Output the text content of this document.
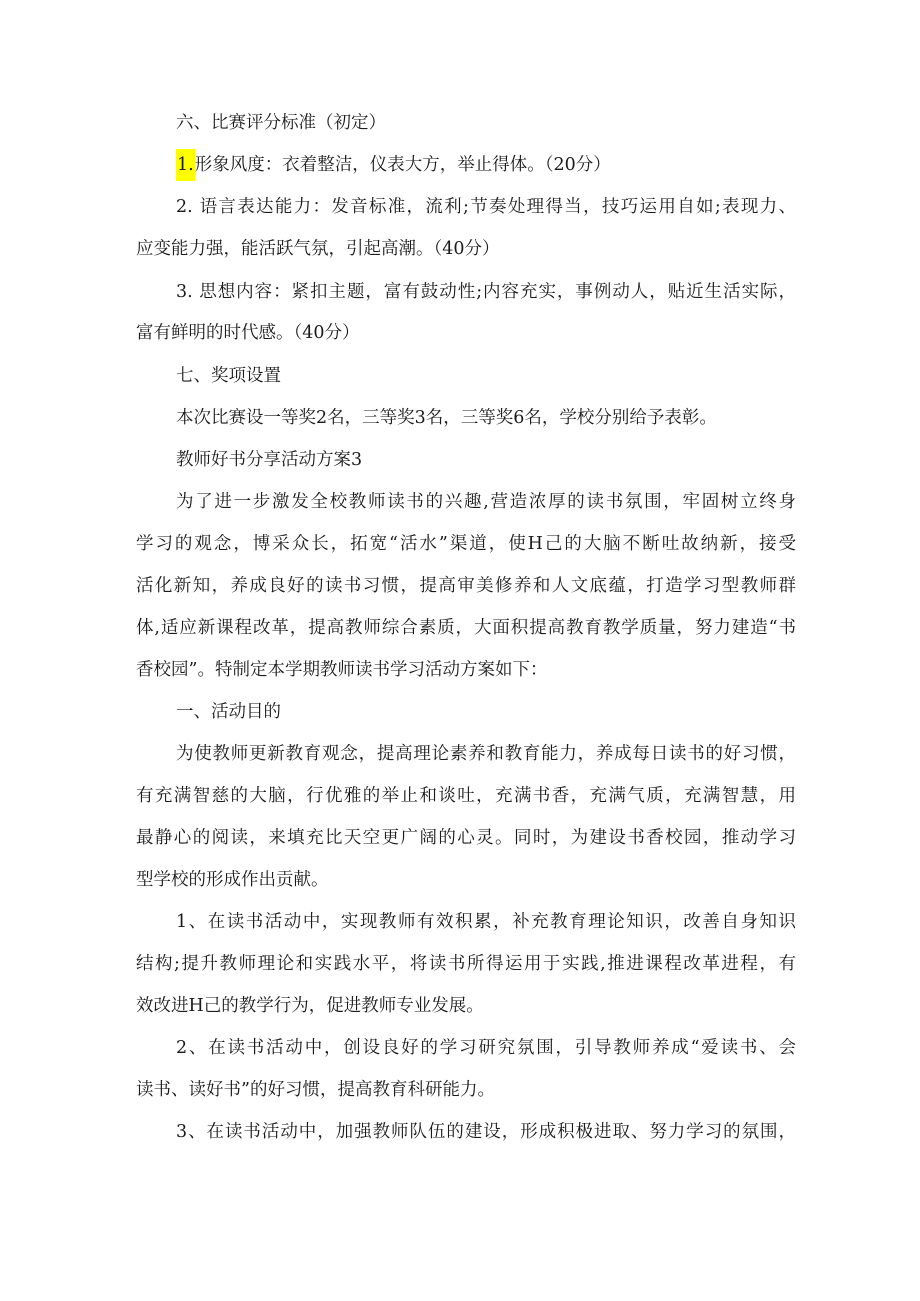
六、比赛评分标准（初定）
1.形象风度：衣着整洁，仪表大方，举止得体。（20分）
2. 语言表达能力：发音标准，流利;节奏处理得当，技巧运用自如;表现力、
应变能力强，能活跃气氛，引起高潮。（40分）
3. 思想内容：紧扣主题，富有鼓动性;内容充实，事例动人，贴近生活实际，
富有鲜明的时代感。（40分）
七、奖项设置
本次比赛设一等奖2名，三等奖3名，三等奖6名，学校分别给予表彰。
教师好书分享活动方案3
为了进一步激发全校教师读书的兴趣,营造浓厚的读书氛围，牢固树立终身
学习的观念，博采众长，拓宽“活水”渠道，使H己的大脑不断吐故纳新，接受
活化新知，养成良好的读书习惯，提高审美修养和人文底蕴，打造学习型教师群
体,适应新课程改革，提高教师综合素质，大面积提高教育教学质量，努力建造“书
香校园”。特制定本学期教师读书学习活动方案如下：
一、活动目的
为使教师更新教育观念，提高理论素养和教育能力，养成每日读书的好习惯，
有充满智慈的大脑，行优雅的举止和谈吐，充满书香，充满气质，充满智慧，用
最静心的阅读，来填充比天空更广阔的心灵。同时，为建设书香校园，推动学习
型学校的形成作出贡献。
1、在读书活动中，实现教师有效积累，补充教育理论知识，改善自身知识
结构;提升教师理论和实践水平，将读书所得运用于实践,推进课程改革进程，有
效改进H己的教学行为，促进教师专业发展。
2、在读书活动中，创设良好的学习研究氛围，引导教师养成“爱读书、会
读书、读好书”的好习惯，提高教育科研能力。
3、在读书活动中，加强教师队伍的建设，形成积极进取、努力学习的氛围，
